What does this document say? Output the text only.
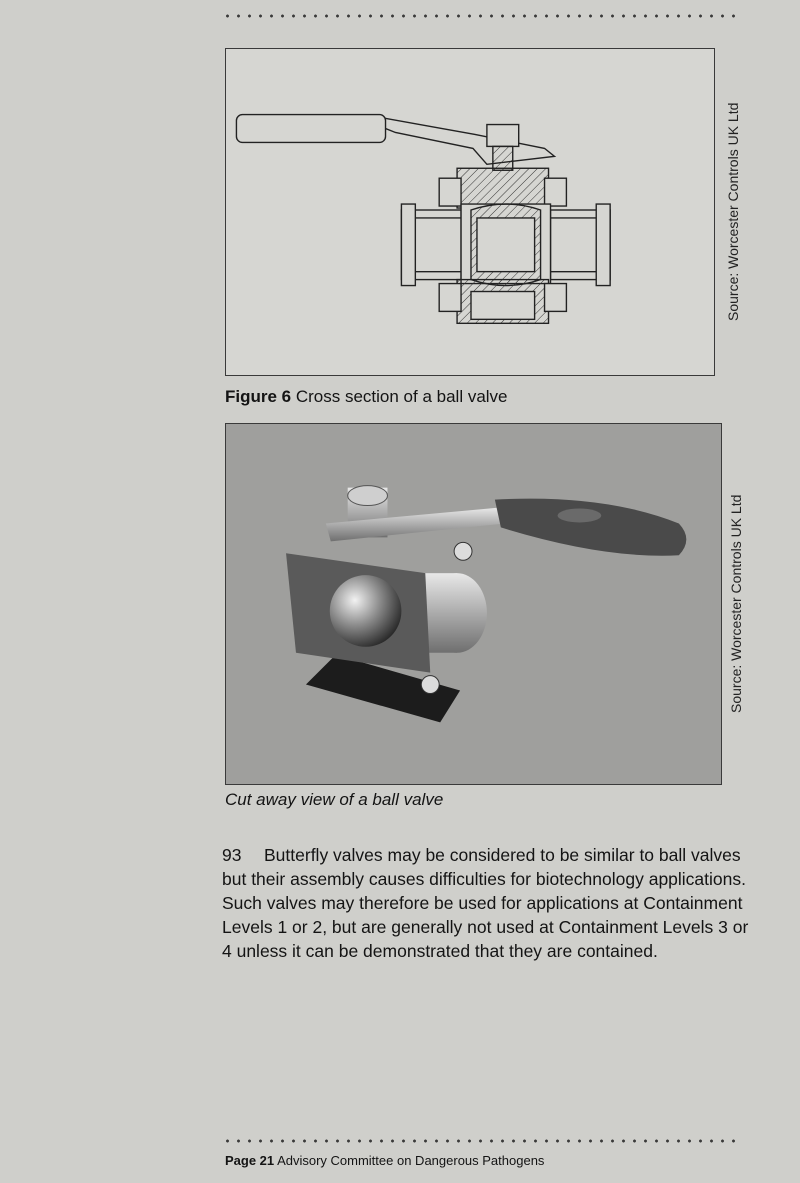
Source: Worcester Controls UK Ltd

Figure 6 Cross section of a ball valve

Source: Worcester Controls UK Ltd

Cut away view of a ball valve

93 Butterfly valves may be considered to be similar to ball valves but their assembly causes difficulties for biotechnology applications. Such valves may therefore be used for applications at Containment Levels 1 or 2, but are generally not used at Containment Levels 3 or 4 unless it can be demonstrated that they are contained.

Page 21 Advisory Committee on Dangerous Pathogens
